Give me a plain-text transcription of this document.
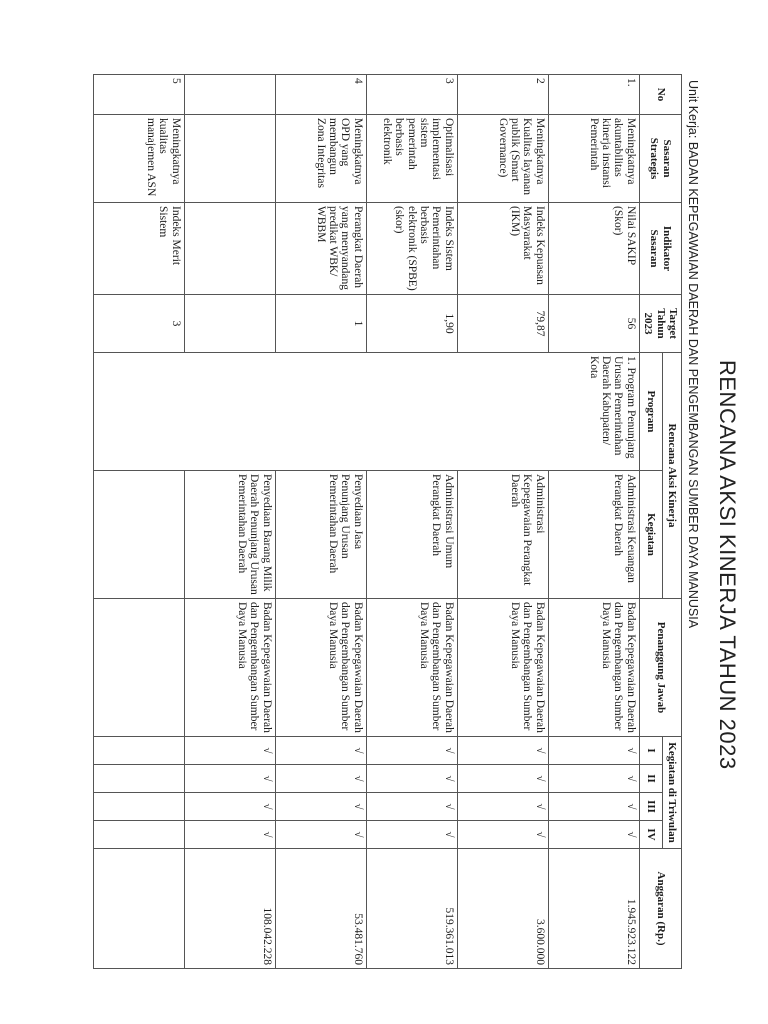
RENCANA AKSI KINERJA TAHUN 2023
Unit Kerja: BADAN KEPEGAWAIAN DAERAH DAN PENGEMBANGAN SUMBER DAYA MANUSIA
No	Sasaran Strategis	Indikator Sasaran	Target Tahun 2023	Rencana Aksi Kinerja		Penanggung Jawab	Kegiatan di Triwulan				Anggaran (Rp.)
				Program	Kegiatan		I	II	III	IV	
1.	Meningkatnya akuntabilitas kinerja instansi Pemerintah	Nilai SAKIP (Skor)	56	1. Program Penunjang Urusan Pemerintahan Daerah Kabupaten/ Kota	Administrasi Keuangan Perangkat Daerah	Badan Kepegawaian Daerah dan Pengembangan Sumber Daya Manusia	√	√	√	√	1.945.923.122
2	Meningkatnya Kualitas layanan publik (Smart Governance)	Indeks Kepuasan Masyarakat (IKM)	79,87		Administrasi Kepegawaian Perangkat Daerah	Badan Kepegawaian Daerah dan Pengembangan Sumber Daya Manusia	√	√	√	√	3.600.000
3	Optimalisasi implementasi sistem pemerintah berbasis elektronik	Indeks Sistem Pemerintahan berbasis elektronik (SPBE) (skor)	1,90		Administrasi Umum Perangkat Daerah	Badan Kepegawaian Daerah dan Pengembangan Sumber Daya Manusia	√	√	√	√	519.361.013
4	Meningkatnya OPD yang membangun Zona Integritas	Perangkat Daerah yang menyandang predikat WBK/ WBBM	1		Penyediaan Jasa Penunjang Urusan Pemerintahan Daerah	Badan Kepegawaian Daerah dan Pengembangan Sumber Daya Manusia	√	√	√	√	53.481.760
					Penyediaan Barang Milik Daerah Penunjang Urusan Pemerintahan Daerah	Badan Kepegawaian Daerah dan Pengembangan Sumber Daya Manusia	√	√	√	√	108.042.228
5	Meningkatnya kualitas manajemen ASN	Indeks Merit Sistem	3								
